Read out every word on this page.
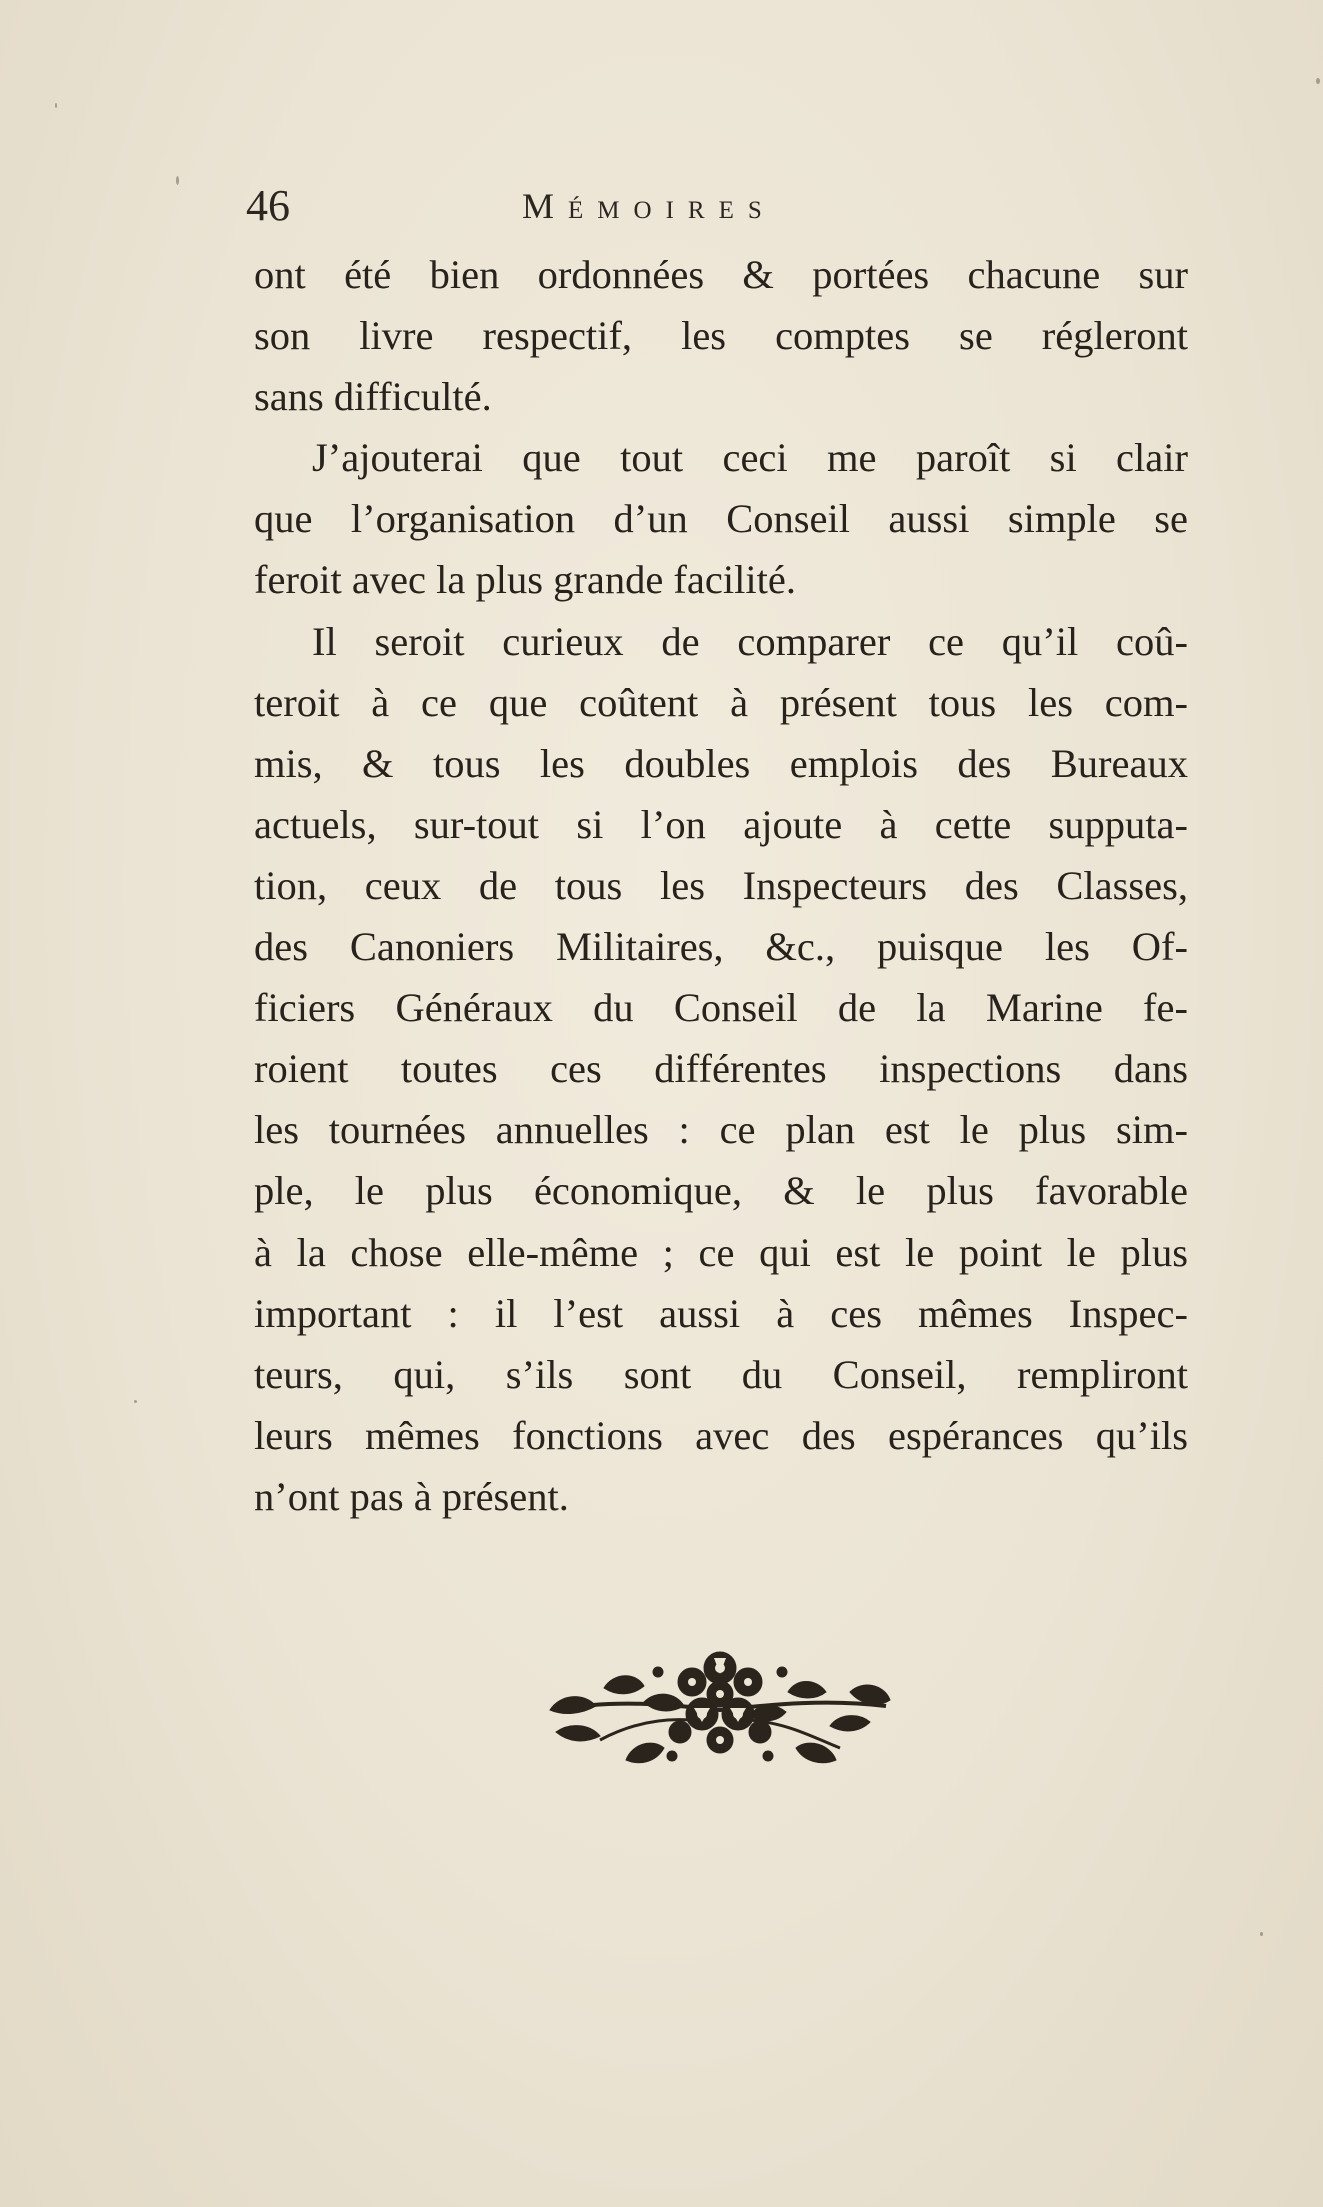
46	Mémoires
ont été bien ordonnées & portées chacune sur
son livre respectif, les comptes se régleront
sans difficulté.
J’ajouterai que tout ceci me paroît si clair
que l’organisation d’un Conseil aussi simple se
feroit avec la plus grande facilité.
Il seroit curieux de comparer ce qu’il coû-
teroit à ce que coûtent à présent tous les com-
mis, & tous les doubles emplois des Bureaux
actuels, sur-tout si l’on ajoute à cette supputa-
tion, ceux de tous les Inspecteurs des Classes,
des Canoniers Militaires, &c., puisque les Of-
ficiers Généraux du Conseil de la Marine fe-
roient toutes ces différentes inspections dans
les tournées annuelles : ce plan est le plus sim-
ple, le plus économique, & le plus favorable
à la chose elle-même ; ce qui est le point le plus
important : il l’est aussi à ces mêmes Inspec-
teurs, qui, s’ils sont du Conseil, rempliront
leurs mêmes fonctions avec des espérances qu’ils
n’ont pas à présent.
